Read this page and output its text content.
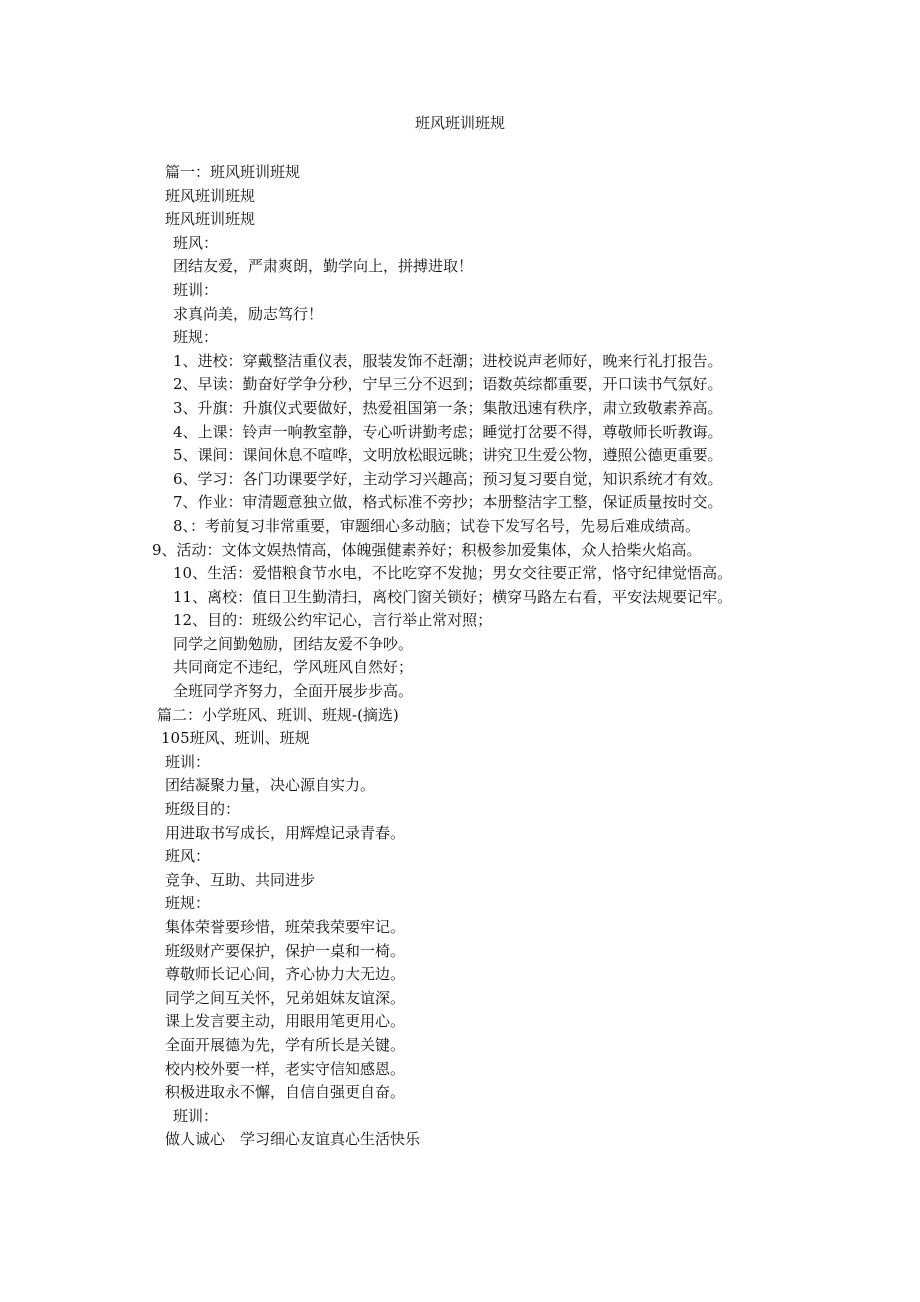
班风班训班规
篇一：班风班训班规
班风班训班规
班风班训班规
班风：
团结友爱，严肃爽朗，勤学向上，拼搏进取！
班训：
求真尚美，励志笃行！
班规：
1、进校：穿戴整洁重仪表，服装发饰不赶潮；进校说声老师好，晚来行礼打报告。
2、早读：勤奋好学争分秒，宁早三分不迟到；语数英综都重要，开口读书气氛好。
3、升旗：升旗仪式要做好，热爱祖国第一条；集散迅速有秩序，肃立致敬素养高。
4、上课：铃声一响教室静，专心听讲勤考虑；睡觉打岔要不得，尊敬师长听教诲。
5、课间：课间休息不喧哗，文明放松眼远眺；讲究卫生爱公物，遵照公德更重要。
6、学习：各门功课要学好，主动学习兴趣高；预习复习要自觉，知识系统才有效。
7、作业：审清题意独立做，格式标准不旁抄；本册整洁字工整，保证质量按时交。
8、：考前复习非常重要，审题细心多动脑；试卷下发写名号，先易后难成绩高。
9、活动：文体文娱热情高，体魄强健素养好；积极参加爱集体，众人拾柴火焰高。
10、生活：爱惜粮食节水电，不比吃穿不发抛；男女交往要正常，恪守纪律觉悟高。
11、离校：值日卫生勤清扫，离校门窗关锁好；横穿马路左右看，平安法规要记牢。
12、目的：班级公约牢记心，言行举止常对照；
同学之间勤勉励，团结友爱不争吵。
共同商定不违纪，学风班风自然好；
全班同学齐努力，全面开展步步高。
篇二：小学班风、班训、班规-(摘选)
105班风、班训、班规
班训：
团结凝聚力量，决心源自实力。
班级目的：
用进取书写成长，用辉煌记录青春。
班风：
竞争、互助、共同进步
班规：
集体荣誉要珍惜，班荣我荣要牢记。
班级财产要保护，保护一桌和一椅。
尊敬师长记心间，齐心协力大无边。
同学之间互关怀，兄弟姐妹友谊深。
课上发言要主动，用眼用笔更用心。
全面开展德为先，学有所长是关键。
校内校外要一样，老实守信知感恩。
积极进取永不懈，自信自强更自奋。
班训：
做人诚心　学习细心友谊真心生活快乐
